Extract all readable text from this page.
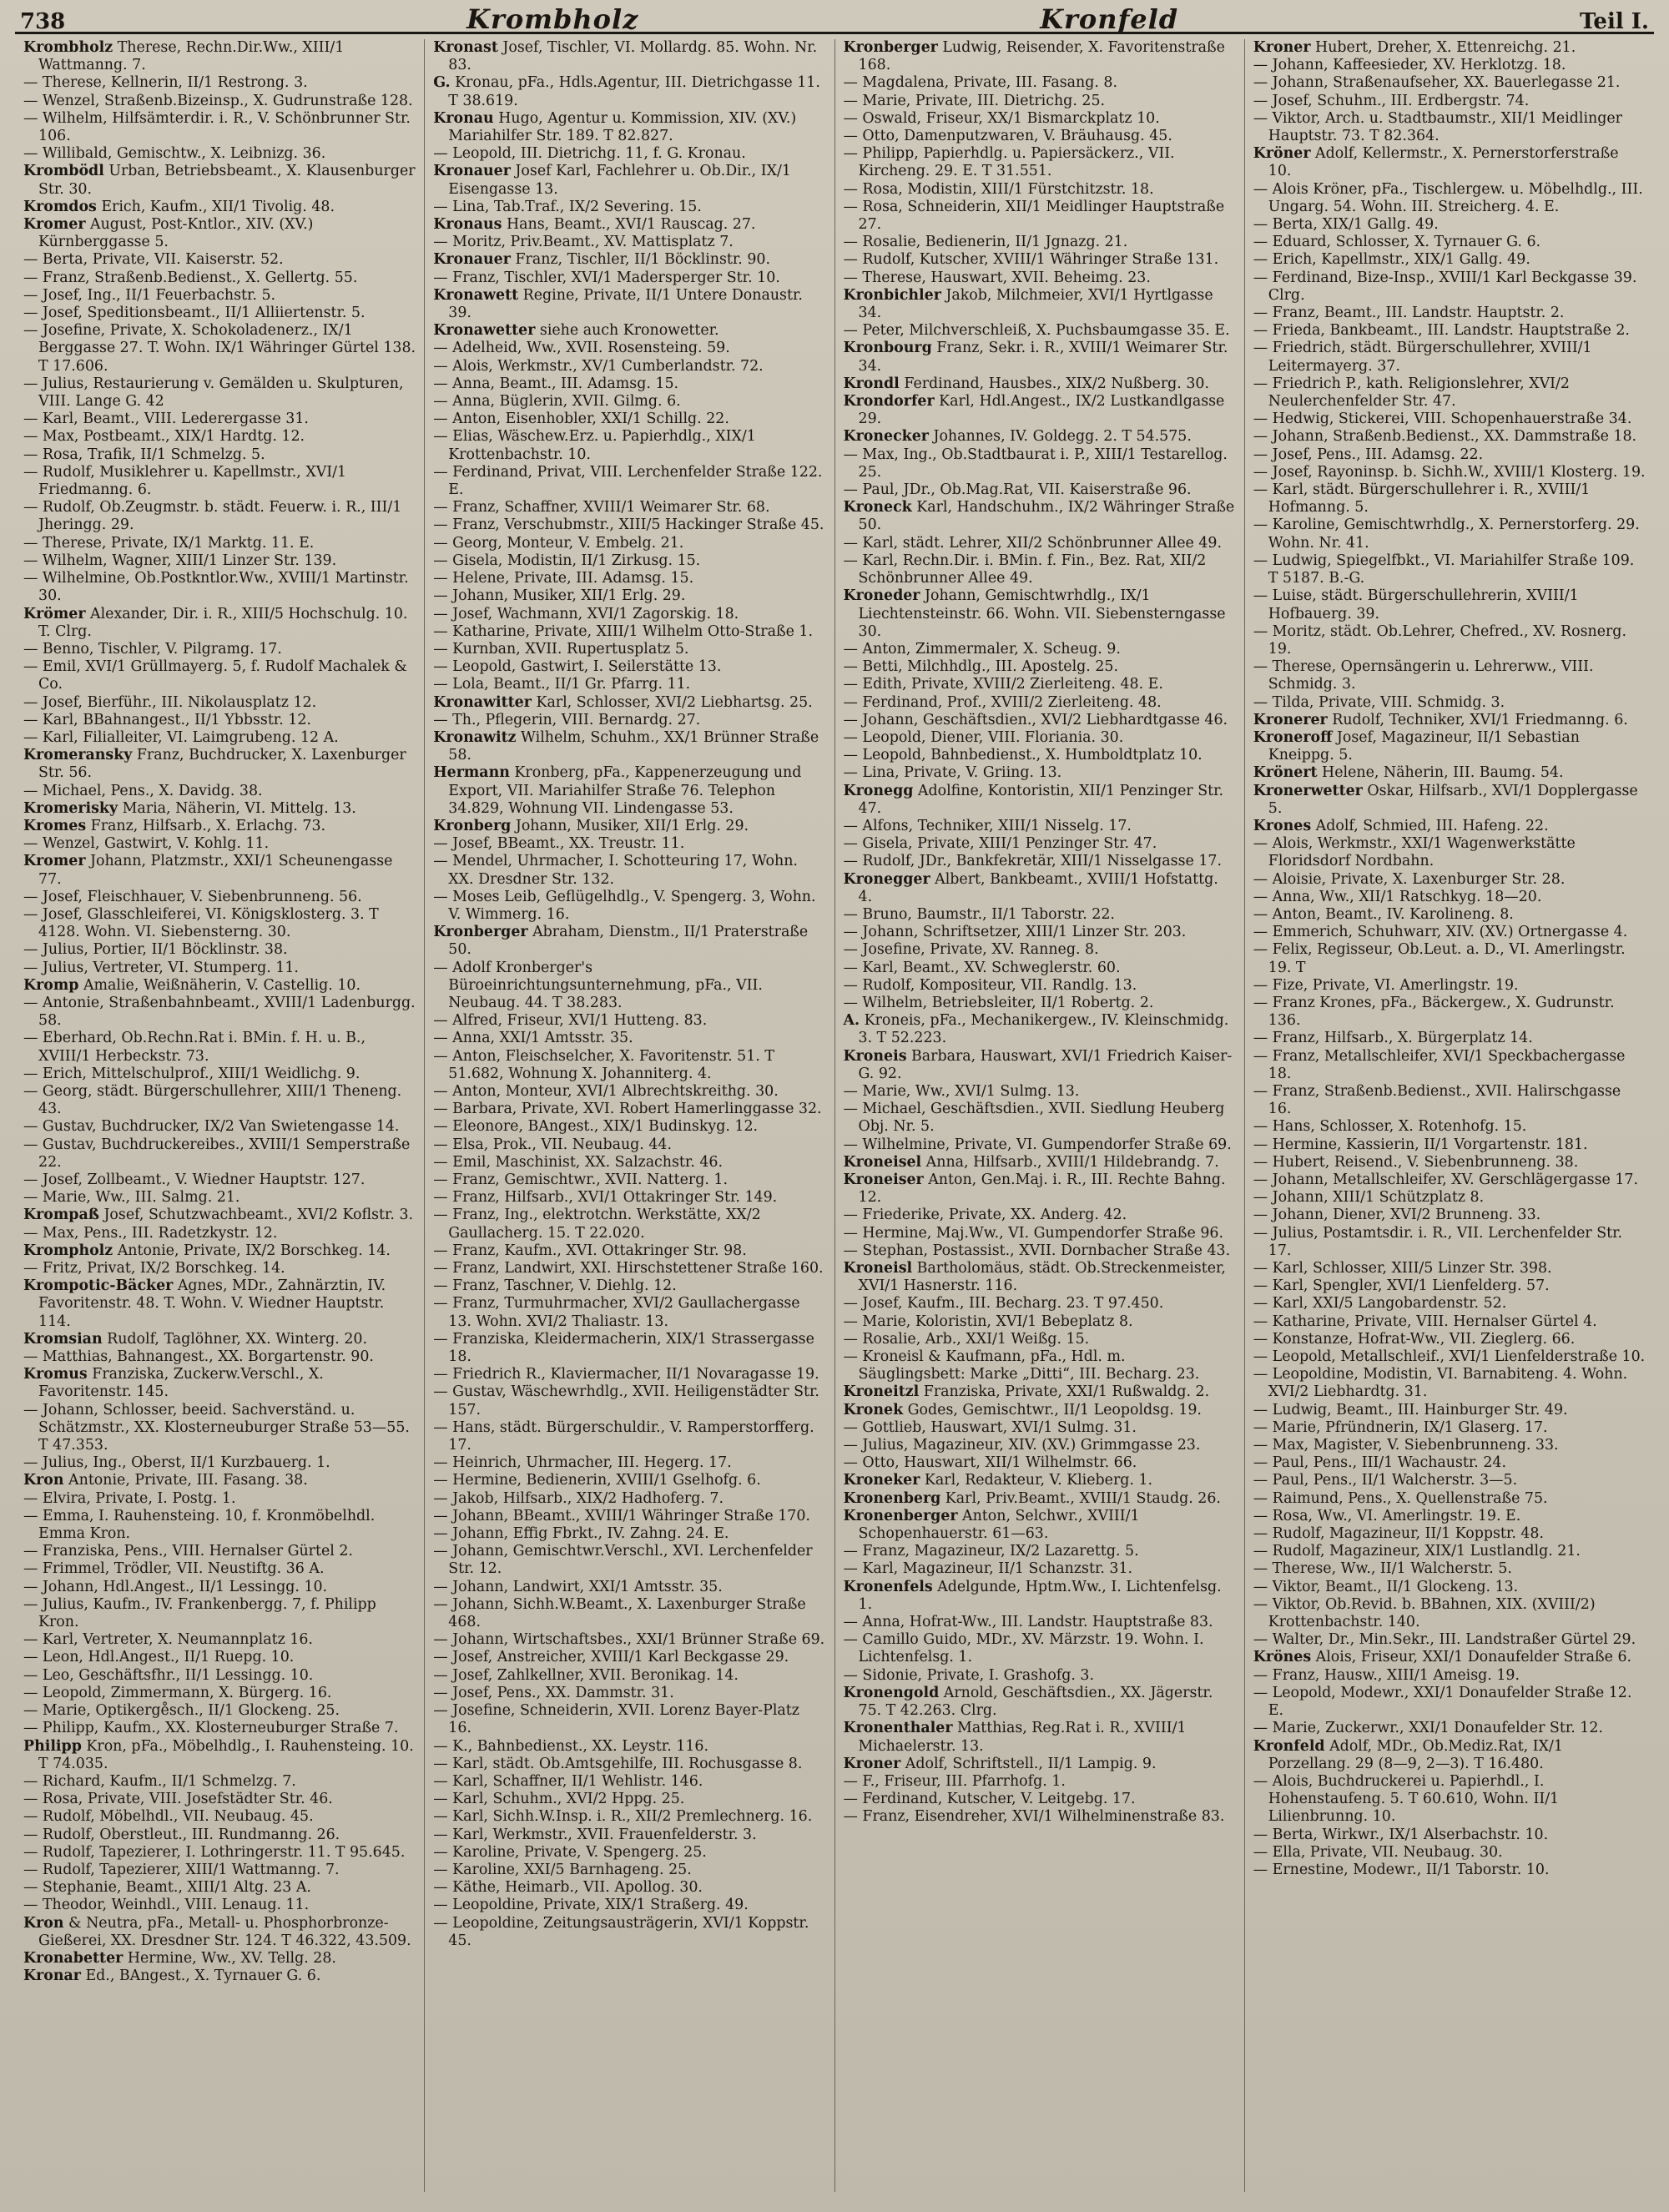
738	Krombholz	Kronfeld	Teil I.
Krombholz Therese, Rechn.Dir.Ww., XIII/1 Wattmanng. 7.
— Therese, Kellnerin, II/1 Restrong. 3.
— Wenzel, Straßenb.Bizeinsp., X. Gudrunstraße 128.
— Wilhelm, Hilfsämterdir. i. R., V. Schönbrunner Str. 106.
— Willibald, Gemischtw., X. Leibnizg. 36.
Krombödl Urban, Betriebsbeamt., X. Klausenburger Str. 30.
Kromdos Erich, Kaufm., XII/1 Tivolig. 48.
Kromer August, Post-Kntlor., XIV. (XV.) Kürnberggasse 5.
— Berta, Private, VII. Kaiserstr. 52.
— Franz, Straßenb.Bedienst., X. Gellertg. 55.
— Josef, Ing., II/1 Feuerbachstr. 5.
— Josef, Speditionsbeamt., II/1 Alliiertenstr. 5.
— Josefine, Private, X. Schokoladenerz., IX/1 Berggasse 27. T. Wohn. IX/1 Währinger Gürtel 138. T 17.606.
— Julius, Restaurierung v. Gemälden u. Skulpturen, VIII. Lange G. 42
— Karl, Beamt., VIII. Lederergasse 31.
— Max, Postbeamt., XIX/1 Hardtg. 12.
— Rosa, Trafik, II/1 Schmelzg. 5.
— Rudolf, Musiklehrer u. Kapellmstr., XVI/1 Friedmanng. 6.
— Rudolf, Ob.Zeugmstr. b. städt. Feuerw. i. R., III/1 Jheringg. 29.
— Therese, Private, IX/1 Marktg. 11. E.
— Wilhelm, Wagner, XIII/1 Linzer Str. 139.
— Wilhelmine, Ob.Postkntlor.Ww., XVIII/1 Martinstr. 30.
Krömer Alexander, Dir. i. R., XIII/5 Hochschulg. 10. T. Clrg.
— Benno, Tischler, V. Pilgramg. 17.
— Emil, XVI/1 Grüllmayerg. 5, f. Rudolf Machalek & Co.
— Josef, Bierführ., III. Nikolausplatz 12.
— Karl, BBahnangest., II/1 Ybbsstr. 12.
— Karl, Filialleiter, VI. Laimgrubeng. 12 A.
Kromeransky Franz, Buchdrucker, X. Laxenburger Str. 56.
— Michael, Pens., X. Davidg. 38.
Kromerisky Maria, Näherin, VI. Mittelg. 13.
Kromes Franz, Hilfsarb., X. Erlachg. 73.
— Wenzel, Gastwirt, V. Kohlg. 11.
Kromer Johann, Platzmstr., XXI/1 Scheunengasse 77.
— Josef, Fleischhauer, V. Siebenbrunneng. 56.
— Josef, Glasschleiferei, VI. Königsklosterg. 3. T 4128. Wohn. VI. Siebensterng. 30.
— Julius, Portier, II/1 Böcklinstr. 38.
— Julius, Vertreter, VI. Stumperg. 11.
Kromp Amalie, Weißnäherin, V. Castellig. 10.
— Antonie, Straßenbahnbeamt., XVIII/1 Ladenburgg. 58.
— Eberhard, Ob.Rechn.Rat i. BMin. f. H. u. B., XVIII/1 Herbeckstr. 73.
— Erich, Mittelschulprof., XIII/1 Weidlichg. 9.
— Georg, städt. Bürgerschullehrer, XIII/1 Theneng. 43.
— Gustav, Buchdrucker, IX/2 Van Swietengasse 14.
— Gustav, Buchdruckereibes., XVIII/1 Semperstraße 22.
— Josef, Zollbeamt., V. Wiedner Hauptstr. 127.
— Marie, Ww., III. Salmg. 21.
Krompaß Josef, Schutzwachbeamt., XVI/2 Koflstr. 3.
— Max, Pens., III. Radetzkystr. 12.
Krompholz Antonie, Private, IX/2 Borschkeg. 14.
— Fritz, Privat, IX/2 Borschkeg. 14.
Krompotic-Bäcker Agnes, MDr., Zahnärztin, IV. Favoritenstr. 48. T. Wohn. V. Wiedner Hauptstr. 114.
Kromsian Rudolf, Taglöhner, XX. Winterg. 20.
— Matthias, Bahnangest., XX. Borgartenstr. 90.
Kromus Franziska, Zuckerw.Verschl., X. Favoritenstr. 145.
— Johann, Schlosser, beeid. Sachverständ. u. Schätzmstr., XX. Klosterneuburger Straße 53—55. T 47.353.
— Julius, Ing., Oberst, II/1 Kurzbauerg. 1.
Kron Antonie, Private, III. Fasang. 38.
— Elvira, Private, I. Postg. 1.
— Emma, I. Rauhensteing. 10, f. Kronmöbelhdl. Emma Kron.
— Franziska, Pens., VIII. Hernalser Gürtel 2.
— Frimmel, Trödler, VII. Neustiftg. 36 A.
— Johann, Hdl.Angest., II/1 Lessingg. 10.
— Julius, Kaufm., IV. Frankenbergg. 7, f. Philipp Kron.
— Karl, Vertreter, X. Neumannplatz 16.
— Leon, Hdl.Angest., II/1 Ruepg. 10.
— Leo, Geschäftsfhr., II/1 Lessingg. 10.
— Leopold, Zimmermann, X. Bürgerg. 16.
— Marie, Optikerge̊sch., II/1 Glockeng. 25.
— Philipp, Kaufm., XX. Klosterneuburger Straße 7.
Philipp Kron, pFa., Möbelhdlg., I. Rauhensteing. 10. T 74.035.
— Richard, Kaufm., II/1 Schmelzg. 7.
— Rosa, Private, VIII. Josefstädter Str. 46.
— Rudolf, Möbelhdl., VII. Neubaug. 45.
— Rudolf, Oberstleut., III. Rundmanng. 26.
— Rudolf, Tapezierer, I. Lothringerstr. 11. T 95.645.
— Rudolf, Tapezierer, XIII/1 Wattmanng. 7.
— Stephanie, Beamt., XIII/1 Altg. 23 A.
— Theodor, Weinhdl., VIII. Lenaug. 11.
Kron & Neutra, pFa., Metall- u. Phosphorbronze-Gießerei, XX. Dresdner Str. 124. T 46.322, 43.509.
Kronabetter Hermine, Ww., XV. Tellg. 28.
Kronar Ed., BAngest., X. Tyrnauer G. 6.
Kronast Josef, Tischler, VI. Mollardg. 85. Wohn. Nr. 83.
G. Kronau, pFa., Hdls.Agentur, III. Dietrichgasse 11. T 38.619.
Kronau Hugo, Agentur u. Kommission, XIV. (XV.) Mariahilfer Str. 189. T 82.827.
— Leopold, III. Dietrichg. 11, f. G. Kronau.
Kronauer Josef Karl, Fachlehrer u. Ob.Dir., IX/1 Eisengasse 13.
— Lina, Tab.Traf., IX/2 Severing. 15.
Kronaus Hans, Beamt., XVI/1 Rauscag. 27.
— Moritz, Priv.Beamt., XV. Mattisplatz 7.
Kronauer Franz, Tischler, II/1 Böcklinstr. 90.
— Franz, Tischler, XVI/1 Madersperger Str. 10.
Kronawett Regine, Private, II/1 Untere Donaustr. 39.
Kronawetter siehe auch Kronowetter.
— Adelheid, Ww., XVII. Rosensteing. 59.
— Alois, Werkmstr., XV/1 Cumberlandstr. 72.
— Anna, Beamt., III. Adamsg. 15.
— Anna, Büglerin, XVII. Gilmg. 6.
— Anton, Eisenhobler, XXI/1 Schillg. 22.
— Elias, Wäschew.Erz. u. Papierhdlg., XIX/1 Krottenbachstr. 10.
— Ferdinand, Privat, VIII. Lerchenfelder Straße 122. E.
— Franz, Schaffner, XVIII/1 Weimarer Str. 68.
— Franz, Verschubmstr., XIII/5 Hackinger Straße 45.
— Georg, Monteur, V. Embelg. 21.
— Gisela, Modistin, II/1 Zirkusg. 15.
— Helene, Private, III. Adamsg. 15.
— Johann, Musiker, XII/1 Erlg. 29.
— Josef, Wachmann, XVI/1 Zagorskig. 18.
— Katharine, Private, XIII/1 Wilhelm Otto-Straße 1.
— Kurnban, XVII. Rupertusplatz 5.
— Leopold, Gastwirt, I. Seilerstätte 13.
— Lola, Beamt., II/1 Gr. Pfarrg. 11.
Kronawitter Karl, Schlosser, XVI/2 Liebhartsg. 25.
— Th., Pflegerin, VIII. Bernardg. 27.
Kronawitz Wilhelm, Schuhm., XX/1 Brünner Straße 58.
Hermann Kronberg, pFa., Kappenerzeugung und Export, VII. Mariahilfer Straße 76. Telephon 34.829, Wohnung VII. Lindengasse 53.
Kronberg Johann, Musiker, XII/1 Erlg. 29.
— Josef, BBeamt., XX. Treustr. 11.
— Mendel, Uhrmacher, I. Schotteuring 17, Wohn. XX. Dresdner Str. 132.
— Moses Leib, Geflügelhdlg., V. Spengerg. 3, Wohn. V. Wimmerg. 16.
Kronberger Abraham, Dienstm., II/1 Praterstraße 50.
— Adolf Kronberger's Büroeinrichtungsunternehmung, pFa., VII. Neubaug. 44. T 38.283.
— Alfred, Friseur, XVI/1 Hutteng. 83.
— Anna, XXI/1 Amtsstr. 35.
— Anton, Fleischselcher, X. Favoritenstr. 51. T 51.682, Wohnung X. Johanniterg. 4.
— Anton, Monteur, XVI/1 Albrechtskreithg. 30.
— Barbara, Private, XVI. Robert Hamerlinggasse 32.
— Eleonore, BAngest., XIX/1 Budinskyg. 12.
— Elsa, Prok., VII. Neubaug. 44.
— Emil, Maschinist, XX. Salzachstr. 46.
— Franz, Gemischtwr., XVII. Natterg. 1.
— Franz, Hilfsarb., XVI/1 Ottakringer Str. 149.
— Franz, Ing., elektrotchn. Werkstätte, XX/2 Gaullacherg. 15. T 22.020.
— Franz, Kaufm., XVI. Ottakringer Str. 98.
— Franz, Landwirt, XXI. Hirschstettener Straße 160.
— Franz, Taschner, V. Diehlg. 12.
— Franz, Turmuhrmacher, XVI/2 Gaullachergasse 13. Wohn. XVI/2 Thaliastr. 13.
— Franziska, Kleidermacherin, XIX/1 Strassergasse 18.
— Friedrich R., Klaviermacher, II/1 Novaragasse 19.
— Gustav, Wäschewrhdlg., XVII. Heiligenstädter Str. 157.
— Hans, städt. Bürgerschuldir., V. Ramperstorfferg. 17.
— Heinrich, Uhrmacher, III. Hegerg. 17.
— Hermine, Bedienerin, XVIII/1 Gselhofg. 6.
— Jakob, Hilfsarb., XIX/2 Hadhoferg. 7.
— Johann, BBeamt., XVIII/1 Währinger Straße 170.
— Johann, Effig Fbrkt., IV. Zahng. 24. E.
— Johann, Gemischtwr.Verschl., XVI. Lerchenfelder Str. 12.
— Johann, Landwirt, XXI/1 Amtsstr. 35.
— Johann, Sichh.W.Beamt., X. Laxenburger Straße 468.
— Johann, Wirtschaftsbes., XXI/1 Brünner Straße 69.
— Josef, Anstreicher, XVIII/1 Karl Beckgasse 29.
— Josef, Zahlkellner, XVII. Beronikag. 14.
— Josef, Pens., XX. Dammstr. 31.
— Josefine, Schneiderin, XVII. Lorenz Bayer-Platz 16.
— K., Bahnbedienst., XX. Leystr. 116.
— Karl, städt. Ob.Amtsgehilfe, III. Rochusgasse 8.
— Karl, Schaffner, II/1 Wehlistr. 146.
— Karl, Schuhm., XVI/2 Hppg. 25.
— Karl, Sichh.W.Insp. i. R., XII/2 Premlechnerg. 16.
— Karl, Werkmstr., XVII. Frauenfelderstr. 3.
— Karoline, Private, V. Spengerg. 25.
— Karoline, XXI/5 Barnhageng. 25.
— Käthe, Heimarb., VII. Apollog. 30.
— Leopoldine, Private, XIX/1 Straßerg. 49.
— Leopoldine, Zeitungsausträgerin, XVI/1 Koppstr. 45.
Kronberger Ludwig, Reisender, X. Favoritenstraße 168.
— Magdalena, Private, III. Fasang. 8.
— Marie, Private, III. Dietrichg. 25.
— Oswald, Friseur, XX/1 Bismarckplatz 10.
— Otto, Damenputzwaren, V. Bräuhausg. 45.
— Philipp, Papierhdlg. u. Papiersäckerz., VII. Kircheng. 29. E. T 31.551.
— Rosa, Modistin, XIII/1 Fürstchitzstr. 18.
— Rosa, Schneiderin, XII/1 Meidlinger Hauptstraße 27.
— Rosalie, Bedienerin, II/1 Jgnazg. 21.
— Rudolf, Kutscher, XVIII/1 Währinger Straße 131.
— Therese, Hauswart, XVII. Beheimg. 23.
Kronbichler Jakob, Milchmeier, XVI/1 Hyrtlgasse 34.
— Peter, Milchverschleiß, X. Puchsbaumgasse 35. E.
Kronbourg Franz, Sekr. i. R., XVIII/1 Weimarer Str. 34.
Krondl Ferdinand, Hausbes., XIX/2 Nußberg. 30.
Krondorfer Karl, Hdl.Angest., IX/2 Lustkandlgasse 29.
Kronecker Johannes, IV. Goldegg. 2. T 54.575.
— Max, Ing., Ob.Stadtbaurat i. P., XIII/1 Testarellog. 25.
— Paul, JDr., Ob.Mag.Rat, VII. Kaiserstraße 96.
Kroneck Karl, Handschuhm., IX/2 Währinger Straße 50.
— Karl, städt. Lehrer, XII/2 Schönbrunner Allee 49.
— Karl, Rechn.Dir. i. BMin. f. Fin., Bez. Rat, XII/2 Schönbrunner Allee 49.
Kroneder Johann, Gemischtwrhdlg., IX/1 Liechtensteinstr. 66. Wohn. VII. Siebensterngasse 30.
— Anton, Zimmermaler, X. Scheug. 9.
— Betti, Milchhdlg., III. Apostelg. 25.
— Edith, Private, XVIII/2 Zierleiteng. 48. E.
— Ferdinand, Prof., XVIII/2 Zierleiteng. 48.
— Johann, Geschäftsdien., XVI/2 Liebhardtgasse 46.
— Leopold, Diener, VIII. Floriania. 30.
— Leopold, Bahnbedienst., X. Humboldtplatz 10.
— Lina, Private, V. Griing. 13.
Kronegg Adolfine, Kontoristin, XII/1 Penzinger Str. 47.
— Alfons, Techniker, XIII/1 Nisselg. 17.
— Gisela, Private, XIII/1 Penzinger Str. 47.
— Rudolf, JDr., Bankfekretär, XIII/1 Nisselgasse 17.
Kronegger Albert, Bankbeamt., XVIII/1 Hofstattg. 4.
— Bruno, Baumstr., II/1 Taborstr. 22.
— Johann, Schriftsetzer, XIII/1 Linzer Str. 203.
— Josefine, Private, XV. Ranneg. 8.
— Karl, Beamt., XV. Schweglerstr. 60.
— Rudolf, Kompositeur, VII. Randlg. 13.
— Wilhelm, Betriebsleiter, II/1 Robertg. 2.
A. Kroneis, pFa., Mechanikergew., IV. Kleinschmidg. 3. T 52.223.
Kroneis Barbara, Hauswart, XVI/1 Friedrich Kaiser-G. 92.
— Marie, Ww., XVI/1 Sulmg. 13.
— Michael, Geschäftsdien., XVII. Siedlung Heuberg Obj. Nr. 5.
— Wilhelmine, Private, VI. Gumpendorfer Straße 69.
Kroneisel Anna, Hilfsarb., XVIII/1 Hildebrandg. 7.
Kroneiser Anton, Gen.Maj. i. R., III. Rechte Bahng. 12.
— Friederike, Private, XX. Anderg. 42.
— Hermine, Maj.Ww., VI. Gumpendorfer Straße 96.
— Stephan, Postassist., XVII. Dornbacher Straße 43.
Kroneisl Bartholomäus, städt. Ob.Streckenmeister, XVI/1 Hasnerstr. 116.
— Josef, Kaufm., III. Becharg. 23. T 97.450.
— Marie, Koloristin, XVI/1 Bebeplatz 8.
— Rosalie, Arb., XXI/1 Weißg. 15.
— Kroneisl & Kaufmann, pFa., Hdl. m. Säuglingsbett: Marke „Ditti“, III. Becharg. 23.
Kroneitzl Franziska, Private, XXI/1 Rußwaldg. 2.
Kronek Godes, Gemischtwr., II/1 Leopoldsg. 19.
— Gottlieb, Hauswart, XVI/1 Sulmg. 31.
— Julius, Magazineur, XIV. (XV.) Grimmgasse 23.
— Otto, Hauswart, XII/1 Wilhelmstr. 66.
Kroneker Karl, Redakteur, V. Klieberg. 1.
Kronenberg Karl, Priv.Beamt., XVIII/1 Staudg. 26.
Kronenberger Anton, Selchwr., XVIII/1 Schopenhauerstr. 61—63.
— Franz, Magazineur, IX/2 Lazarettg. 5.
— Karl, Magazineur, II/1 Schanzstr. 31.
Kronenfels Adelgunde, Hptm.Ww., I. Lichtenfelsg. 1.
— Anna, Hofrat-Ww., III. Landstr. Hauptstraße 83.
— Camillo Guido, MDr., XV. Märzstr. 19. Wohn. I. Lichtenfelsg. 1.
— Sidonie, Private, I. Grashofg. 3.
Kronengold Arnold, Geschäftsdien., XX. Jägerstr. 75. T 42.263. Clrg.
Kronenthaler Matthias, Reg.Rat i. R., XVIII/1 Michaelerstr. 13.
Kroner Adolf, Schriftstell., II/1 Lampig. 9.
— F., Friseur, III. Pfarrhofg. 1.
— Ferdinand, Kutscher, V. Leitgebg. 17.
— Franz, Eisendreher, XVI/1 Wilhelminenstraße 83.
Kroner Hubert, Dreher, X. Ettenreichg. 21.
— Johann, Kaffeesieder, XV. Herklotzg. 18.
— Johann, Straßenaufseher, XX. Bauerlegasse 21.
— Josef, Schuhm., III. Erdbergstr. 74.
— Viktor, Arch. u. Stadtbaumstr., XII/1 Meidlinger Hauptstr. 73. T 82.364.
Kröner Adolf, Kellermstr., X. Pernerstorferstraße 10.
— Alois Kröner, pFa., Tischlergew. u. Möbelhdlg., III. Ungarg. 54. Wohn. III. Streicherg. 4. E.
— Berta, XIX/1 Gallg. 49.
— Eduard, Schlosser, X. Tyrnauer G. 6.
— Erich, Kapellmstr., XIX/1 Gallg. 49.
— Ferdinand, Bize-Insp., XVIII/1 Karl Beckgasse 39. Clrg.
— Franz, Beamt., III. Landstr. Hauptstr. 2.
— Frieda, Bankbeamt., III. Landstr. Hauptstraße 2.
— Friedrich, städt. Bürgerschullehrer, XVIII/1 Leitermayerg. 37.
— Friedrich P., kath. Religionslehrer, XVI/2 Neulerchenfelder Str. 47.
— Hedwig, Stickerei, VIII. Schopenhauerstraße 34.
— Johann, Straßenb.Bedienst., XX. Dammstraße 18.
— Josef, Pens., III. Adamsg. 22.
— Josef, Rayoninsp. b. Sichh.W., XVIII/1 Klosterg. 19.
— Karl, städt. Bürgerschullehrer i. R., XVIII/1 Hofmanng. 5.
— Karoline, Gemischtwrhdlg., X. Pernerstorferg. 29. Wohn. Nr. 41.
— Ludwig, Spiegelfbkt., VI. Mariahilfer Straße 109. T 5187. B.-G.
— Luise, städt. Bürgerschullehrerin, XVIII/1 Hofbauerg. 39.
— Moritz, städt. Ob.Lehrer, Chefred., XV. Rosnerg. 19.
— Therese, Opernsängerin u. Lehrerww., VIII. Schmidg. 3.
— Tilda, Private, VIII. Schmidg. 3.
Kronerer Rudolf, Techniker, XVI/1 Friedmanng. 6.
Kroneroff Josef, Magazineur, II/1 Sebastian Kneippg. 5.
Krönert Helene, Näherin, III. Baumg. 54.
Kronerwetter Oskar, Hilfsarb., XVI/1 Dopplergasse 5.
Krones Adolf, Schmied, III. Hafeng. 22.
— Alois, Werkmstr., XXI/1 Wagenwerkstätte Floridsdorf Nordbahn.
— Aloisie, Private, X. Laxenburger Str. 28.
— Anna, Ww., XII/1 Ratschkyg. 18—20.
— Anton, Beamt., IV. Karolineng. 8.
— Emmerich, Schuhwarr, XIV. (XV.) Ortnergasse 4.
— Felix, Regisseur, Ob.Leut. a. D., VI. Amerlingstr. 19. T
— Fize, Private, VI. Amerlingstr. 19.
— Franz Krones, pFa., Bäckergew., X. Gudrunstr. 136.
— Franz, Hilfsarb., X. Bürgerplatz 14.
— Franz, Metallschleifer, XVI/1 Speckbachergasse 18.
— Franz, Straßenb.Bedienst., XVII. Halirschgasse 16.
— Hans, Schlosser, X. Rotenhofg. 15.
— Hermine, Kassierin, II/1 Vorgartenstr. 181.
— Hubert, Reisend., V. Siebenbrunneng. 38.
— Johann, Metallschleifer, XV. Gerschlägergasse 17.
— Johann, XIII/1 Schützplatz 8.
— Johann, Diener, XVI/2 Brunneng. 33.
— Julius, Postamtsdir. i. R., VII. Lerchenfelder Str. 17.
— Karl, Schlosser, XIII/5 Linzer Str. 398.
— Karl, Spengler, XVI/1 Lienfelderg. 57.
— Karl, XXI/5 Langobardenstr. 52.
— Katharine, Private, VIII. Hernalser Gürtel 4.
— Konstanze, Hofrat-Ww., VII. Zieglerg. 66.
— Leopold, Metallschleif., XVI/1 Lienfelderstraße 10.
— Leopoldine, Modistin, VI. Barnabiteng. 4. Wohn. XVI/2 Liebhardtg. 31.
— Ludwig, Beamt., III. Hainburger Str. 49.
— Marie, Pfründnerin, IX/1 Glaserg. 17.
— Max, Magister, V. Siebenbrunneng. 33.
— Paul, Pens., III/1 Wachaustr. 24.
— Paul, Pens., II/1 Walcherstr. 3—5.
— Raimund, Pens., X. Quellenstraße 75.
— Rosa, Ww., VI. Amerlingstr. 19. E.
— Rudolf, Magazineur, II/1 Koppstr. 48.
— Rudolf, Magazineur, XIX/1 Lustlandlg. 21.
— Therese, Ww., II/1 Walcherstr. 5.
— Viktor, Beamt., II/1 Glockeng. 13.
— Viktor, Ob.Revid. b. BBahnen, XIX. (XVIII/2) Krottenbachstr. 140.
— Walter, Dr., Min.Sekr., III. Landstraßer Gürtel 29.
Krönes Alois, Friseur, XXI/1 Donaufelder Straße 6.
— Franz, Hausw., XIII/1 Ameisg. 19.
— Leopold, Modewr., XXI/1 Donaufelder Straße 12. E.
— Marie, Zuckerwr., XXI/1 Donaufelder Str. 12.
Kronfeld Adolf, MDr., Ob.Mediz.Rat, IX/1 Porzellang. 29 (8—9, 2—3). T 16.480.
— Alois, Buchdruckerei u. Papierhdl., I. Hohenstaufeng. 5. T 60.610, Wohn. II/1 Lilienbrunng. 10.
— Berta, Wirkwr., IX/1 Alserbachstr. 10.
— Ella, Private, VII. Neubaug. 30.
— Ernestine, Modewr., II/1 Taborstr. 10.
